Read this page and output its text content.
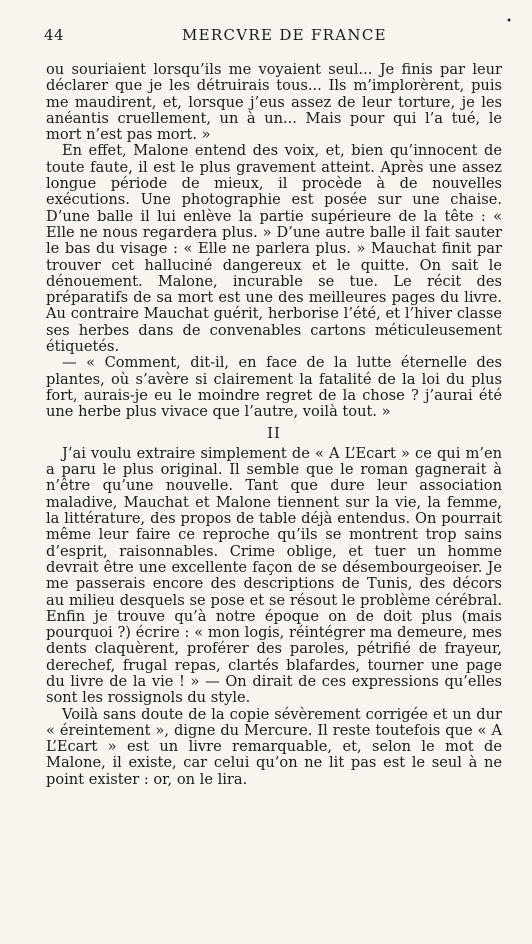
•
44	MERCVRE DE FRANCE

ou souriaient lorsqu’ils me voyaient seul... Je finis par leur déclarer que je les détruirais tous... Ils m’implorèrent, puis me maudirent, et, lorsque j’eus assez de leur torture, je les anéantis cruellement, un à un... Mais pour qui l’a tué, le mort n’est pas mort. »

En effet, Malone entend des voix, et, bien qu’innocent de toute faute, il est le plus gravement atteint. Après une assez longue période de mieux, il procède à de nouvelles exécutions. Une photographie est posée sur une chaise. D’une balle il lui enlève la partie supérieure de la tête : « Elle ne nous regardera plus. » D’une autre balle il fait sauter le bas du visage : « Elle ne parlera plus. » Mauchat finit par trouver cet halluciné dangereux et le quitte. On sait le dénouement. Malone, incurable se tue. Le récit des préparatifs de sa mort est une des meilleures pages du livre. Au contraire Mauchat guérit, herborise l’été, et l’hiver classe ses herbes dans de convenables cartons méticuleusement étiquetés.

— « Comment, dit-il, en face de la lutte éternelle des plantes, où s’avère si clairement la fatalité de la loi du plus fort, aurais-je eu le moindre regret de la chose ? j’aurai été une herbe plus vivace que l’autre, voilà tout. »

II

J’ai voulu extraire simplement de « A L’Ecart » ce qui m’en a paru le plus original. Il semble que le roman gagnerait à n’être qu’une nouvelle. Tant que dure leur association maladive, Mauchat et Malone tiennent sur la vie, la femme, la littérature, des propos de table déjà entendus. On pourrait même leur faire ce reproche qu’ils se montrent trop sains d’esprit, raisonnables. Crime oblige, et tuer un homme devrait être une excellente façon de se désembourgeoiser. Je me passerais encore des descriptions de Tunis, des décors au milieu desquels se pose et se résout le problème cérébral. Enfin je trouve qu’à notre époque on de doit plus (mais pourquoi ?) écrire : « mon logis, réintégrer ma demeure, mes dents claquèrent, proférer des paroles, pétrifié de frayeur, derechef, frugal repas, clartés blafardes, tourner une page du livre de la vie ! » — On dirait de ces expressions qu’elles sont les rossignols du style.

Voilà sans doute de la copie sévèrement corrigée et un dur « éreintement », digne du Mercure. Il reste toutefois que « A L’Ecart » est un livre remarquable, et, selon le mot de Malone, il existe, car celui qu’on ne lit pas est le seul à ne point exister : or, on le lira.
